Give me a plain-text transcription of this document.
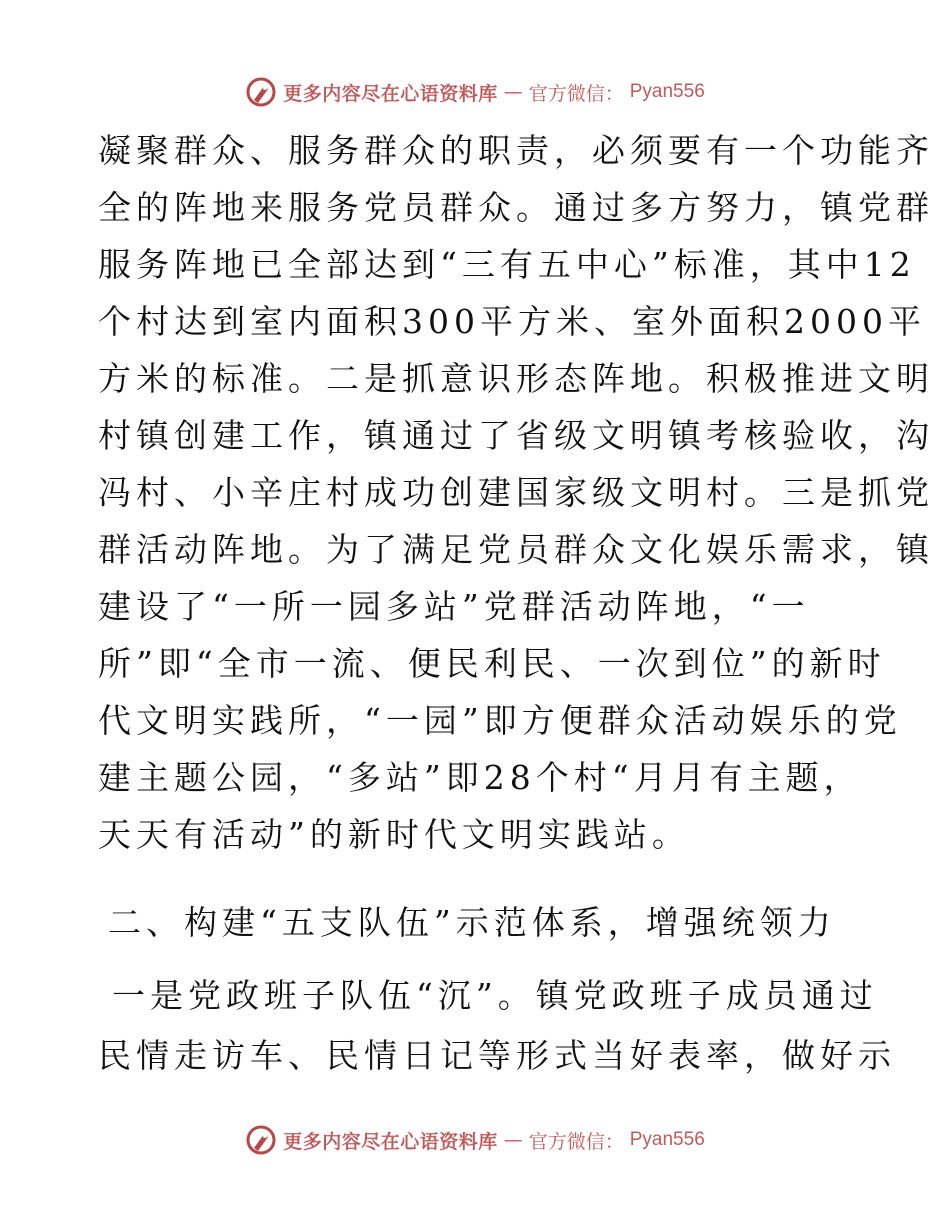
更多内容尽在心语资料库 — 官方微信： Pyan556
凝聚群众、服务群众的职责，必须要有一个功能齐
全的阵地来服务党员群众。通过多方努力，镇党群
服务阵地已全部达到“三有五中心”标准，其中12
个村达到室内面积300平方米、室外面积2000平
方米的标准。二是抓意识形态阵地。积极推进文明
村镇创建工作，镇通过了省级文明镇考核验收，沟
冯村、小辛庄村成功创建国家级文明村。三是抓党
群活动阵地。为了满足党员群众文化娱乐需求，镇
建设了“一所一园多站”党群活动阵地，“一
所”即“全市一流、便民利民、一次到位”的新时
代文明实践所，“一园”即方便群众活动娱乐的党
建主题公园，“多站”即28个村“月月有主题，
天天有活动”的新时代文明实践站。
二、构建“五支队伍”示范体系，增强统领力
一是党政班子队伍“沉”。镇党政班子成员通过
民情走访车、民情日记等形式当好表率，做好示
更多内容尽在心语资料库 — 官方微信： Pyan556
